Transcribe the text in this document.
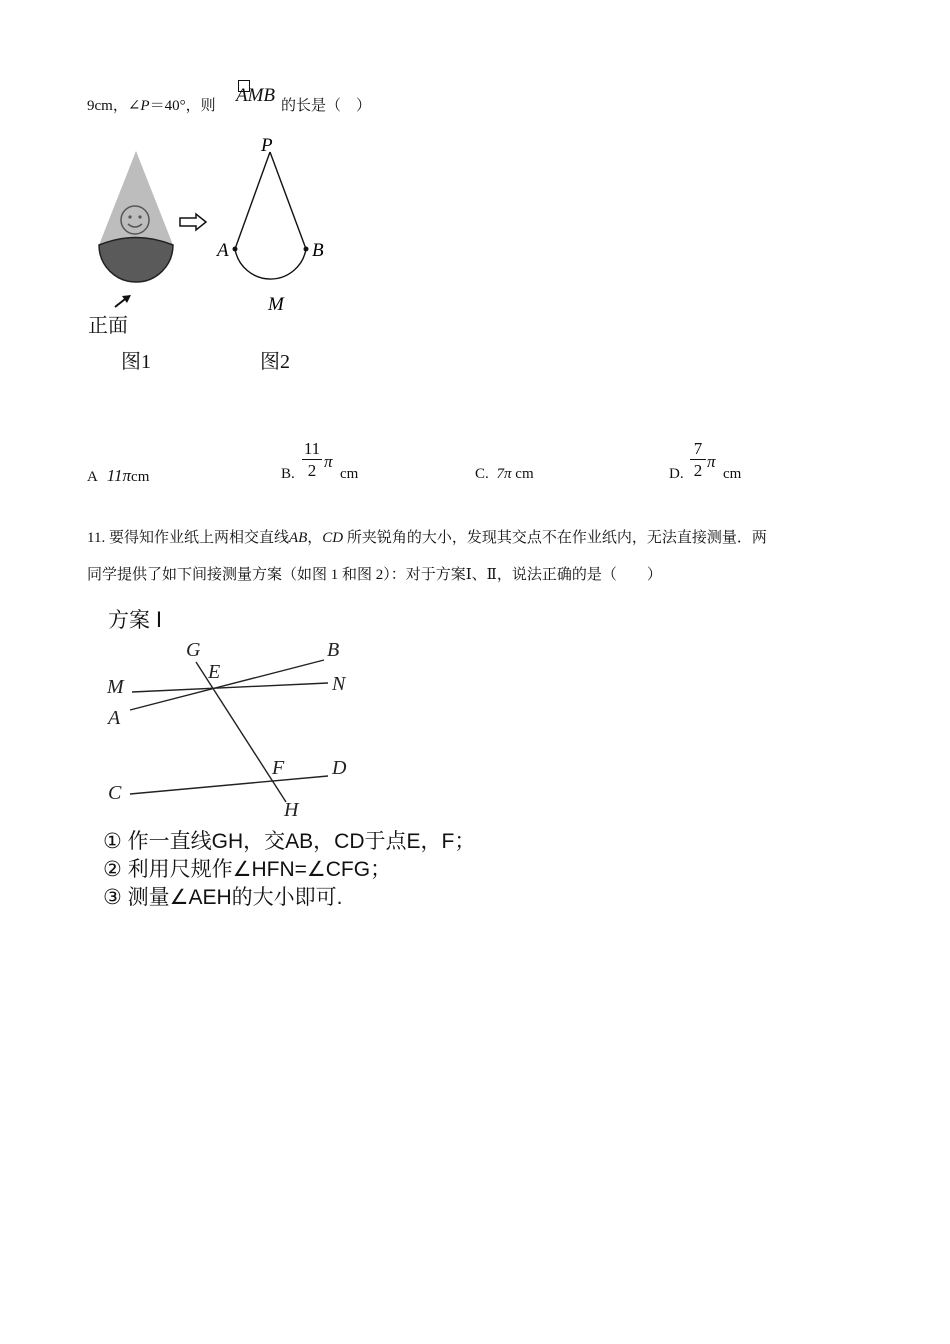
9cm，∠P＝40°，则 AMB 的长是（　）
正面
图1
P
A	B
M
图2
A 11πcm	B.
11
2 π
cm	C. 7π cm	D.
7
2 π
cm
11. 要得知作业纸上两相交直线AB，CD 所夹锐角的大小，发现其交点不在作业纸内，无法直接测量．两
同学提供了如下间接测量方案（如图 1 和图 2）：对于方案Ⅰ、Ⅱ，说法正确的是（　　）
方案 Ⅰ
G	B
E
M	N
A
F D
C
H
① 作一直线GH，交AB，CD于点E，F；
② 利用尺规作∠HFN=∠CFG；
③ 测量∠AEH的大小即可.
